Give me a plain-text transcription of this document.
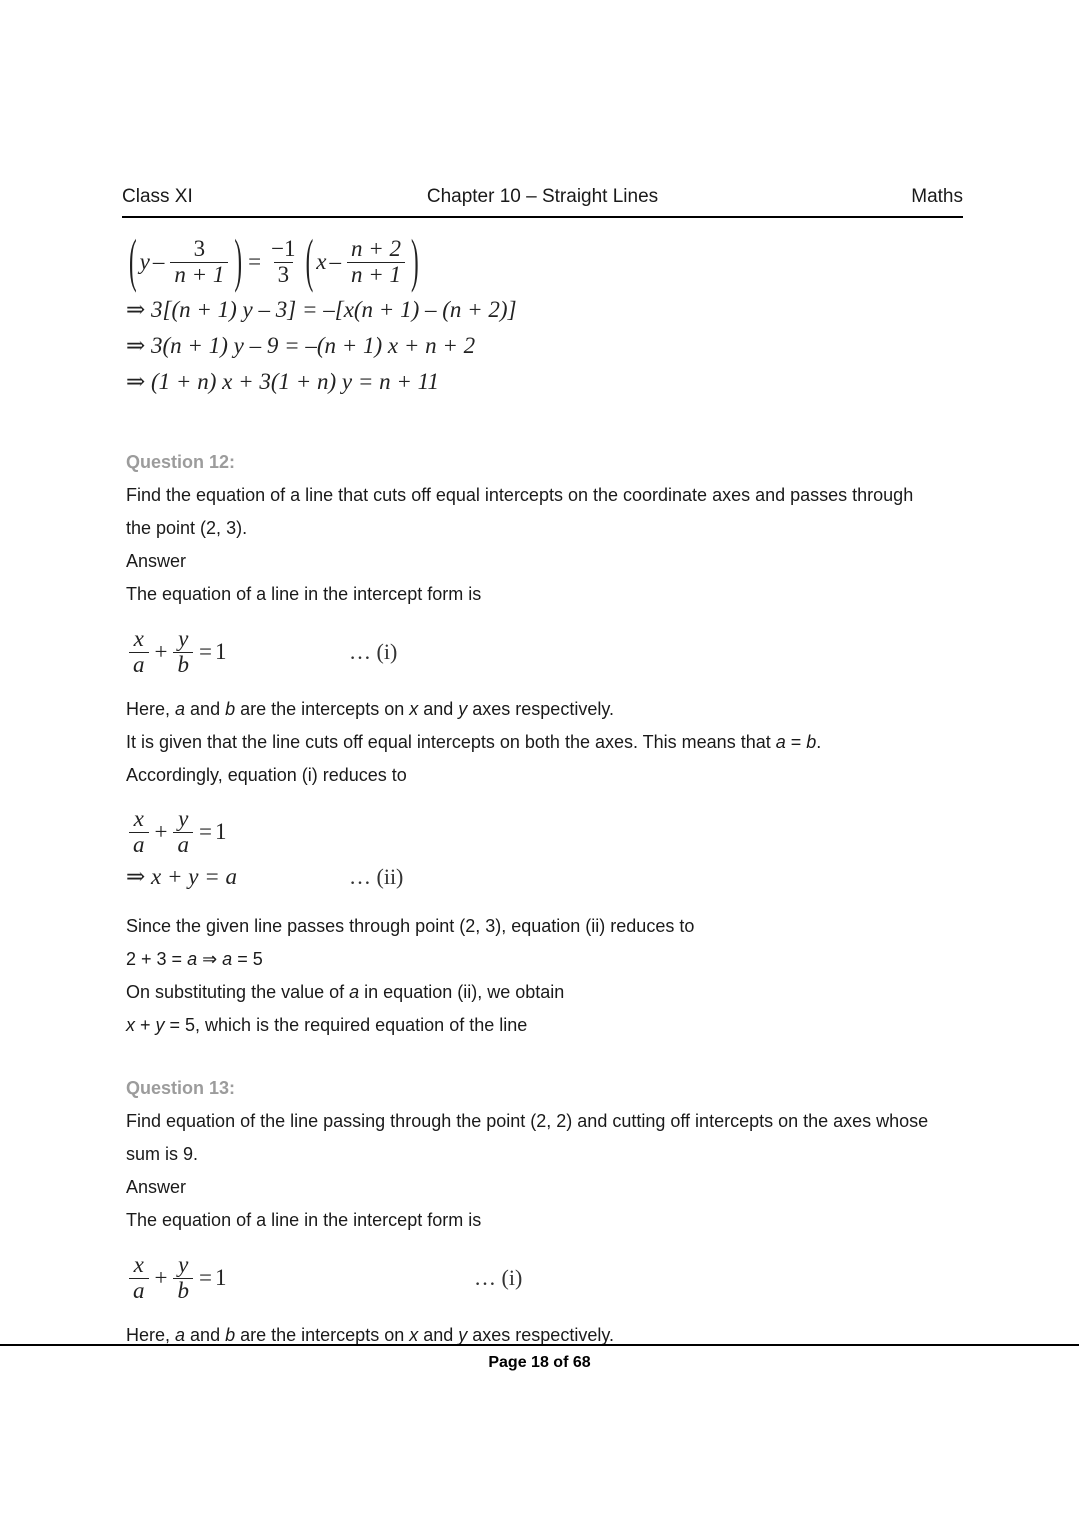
Class XI	Chapter 10 – Straight Lines	Maths
( y – $\frac{3}{n + 1}$ ) = $\frac{-1}{3}$ ( x – $\frac{n + 2}{n + 1}$ )
⇒ 3[(n + 1) y – 3] = –[x(n + 1) – (n + 2)]
⇒ 3(n + 1) y – 9 = –(n + 1) x + n + 2
⇒ (1 + n) x + 3(1 + n) y = n + 11
Question 12:
Find the equation of a line that cuts off equal intercepts on the coordinate axes and passes through the point (2, 3).
Answer
The equation of a line in the intercept form is
$\frac{x}{a} + \frac{y}{b} = 1$	… (i)
Here, a and b are the intercepts on x and y axes respectively.
It is given that the line cuts off equal intercepts on both the axes. This means that a = b.
Accordingly, equation (i) reduces to
$\frac{x}{a} + \frac{y}{a} = 1$
⇒ x + y = a	… (ii)
Since the given line passes through point (2, 3), equation (ii) reduces to
2 + 3 = a ⇒ a = 5
On substituting the value of a in equation (ii), we obtain
x + y = 5, which is the required equation of the line
Question 13:
Find equation of the line passing through the point (2, 2) and cutting off intercepts on the axes whose sum is 9.
Answer
The equation of a line in the intercept form is
$\frac{x}{a} + \frac{y}{b} = 1$	… (i)
Here, a and b are the intercepts on x and y axes respectively.
Page 18 of 68
